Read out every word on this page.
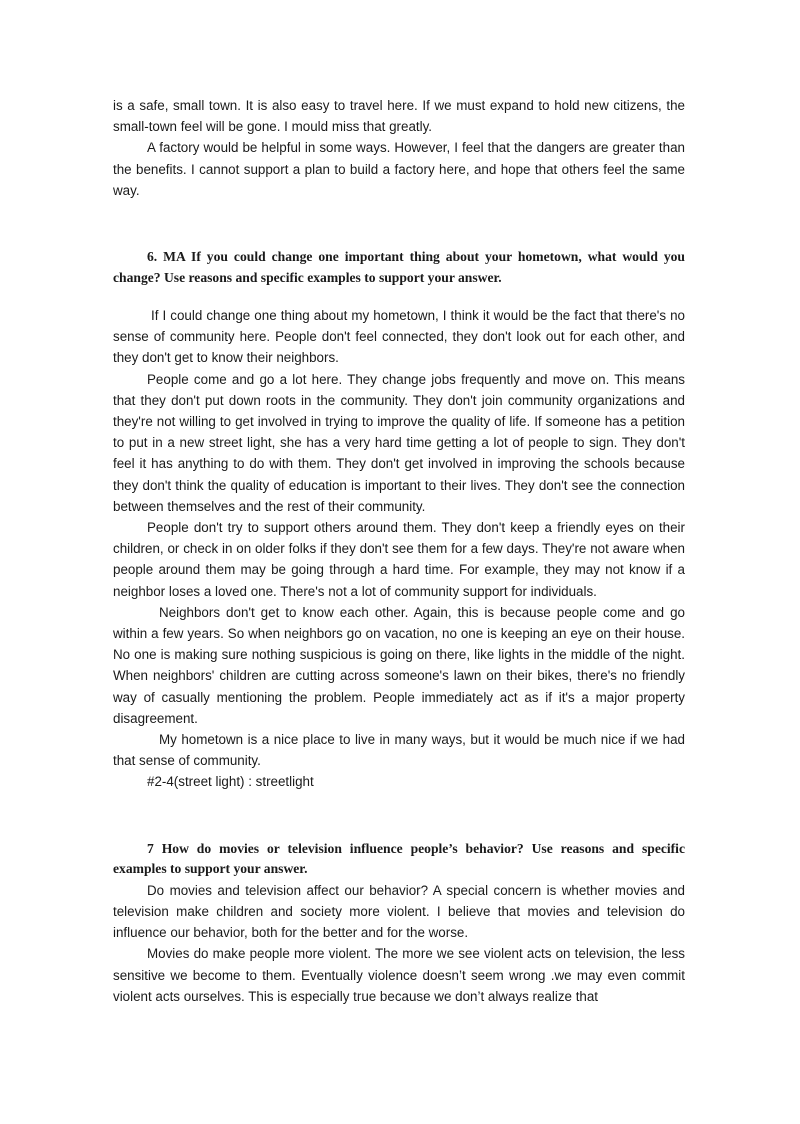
is a safe, small town. It is also easy to travel here. If we must expand to hold new citizens, the small-town feel will be gone. I mould miss that greatly.

A factory would be helpful in some ways. However, I feel that the dangers are greater than the benefits. I cannot support a plan to build a factory here, and hope that others feel the same way.

6. MA If you could change one important thing about your hometown, what would you change? Use reasons and specific examples to support your answer.

If I could change one thing about my hometown, I think it would be the fact that there's no sense of community here. People don't feel connected, they don't look out for each other, and they don't get to know their neighbors.

People come and go a lot here. They change jobs frequently and move on. This means that they don't put down roots in the community. They don't join community organizations and they're not willing to get involved in trying to improve the quality of life. If someone has a petition to put in a new street light, she has a very hard time getting a lot of people to sign. They don't feel it has anything to do with them. They don't get involved in improving the schools because they don't think the quality of education is important to their lives. They don't see the connection between themselves and the rest of their community.

People don't try to support others around them. They don't keep a friendly eyes on their children, or check in on older folks if they don't see them for a few days. They're not aware when people around them may be going through a hard time. For example, they may not know if a neighbor loses a loved one. There's not a lot of community support for individuals.

Neighbors don't get to know each other. Again, this is because people come and go within a few years. So when neighbors go on vacation, no one is keeping an eye on their house. No one is making sure nothing suspicious is going on there, like lights in the middle of the night. When neighbors' children are cutting across someone's lawn on their bikes, there's no friendly way of casually mentioning the problem. People immediately act as if it's a major property disagreement.

My hometown is a nice place to live in many ways, but it would be much nice if we had that sense of community.

#2-4(street light) : streetlight

7 How do movies or television influence people’s behavior? Use reasons and specific examples to support your answer.

Do movies and television affect our behavior? A special concern is whether movies and television make children and society more violent. I believe that movies and television do influence our behavior, both for the better and for the worse.

Movies do make people more violent. The more we see violent acts on television, the less sensitive we become to them. Eventually violence doesn’t seem wrong .we may even commit violent acts ourselves. This is especially true because we don’t always realize that
